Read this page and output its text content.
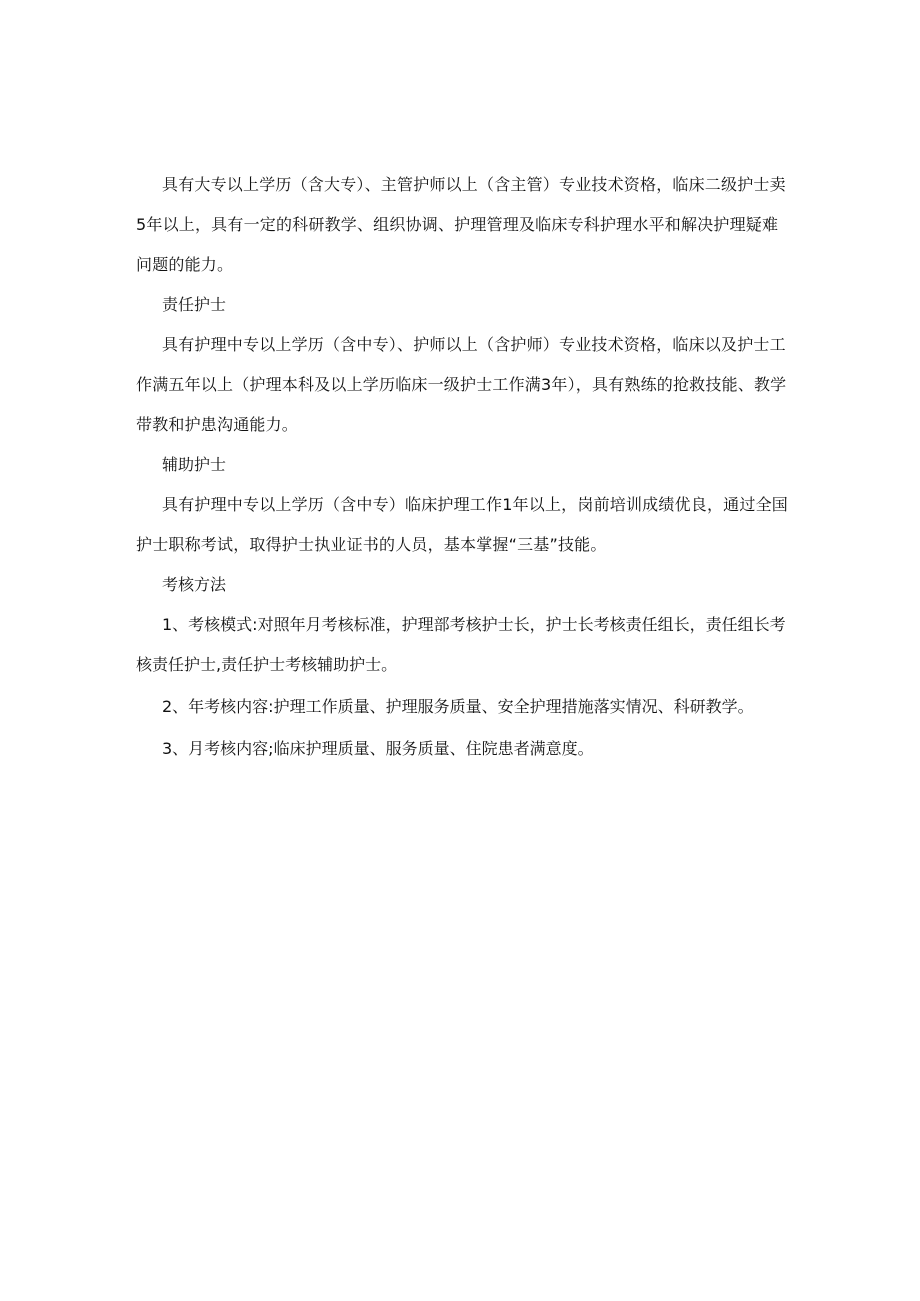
具有大专以上学历（含大专）、主管护师以上（含主管）专业技术资格，临床二级护士卖5年以上，具有一定的科研教学、组织协调、护理管理及临床专科护理水平和解决护理疑难问题的能力。

责任护士

具有护理中专以上学历（含中专）、护师以上（含护师）专业技术资格，临床以及护士工作满五年以上（护理本科及以上学历临床一级护士工作满3年），具有熟练的抢救技能、教学带教和护患沟通能力。

辅助护士

具有护理中专以上学历（含中专）临床护理工作1年以上，岗前培训成绩优良，通过全国护士职称考试，取得护士执业证书的人员，基本掌握“三基”技能。

考核方法

1、考核模式:对照年月考核标准，护理部考核护士长，护士长考核责任组长，责任组长考核责任护士,责任护士考核辅助护士。

2、年考核内容:护理工作质量、护理服务质量、安全护理措施落实情况、科研教学。

3、月考核内容;临床护理质量、服务质量、住院患者满意度。
